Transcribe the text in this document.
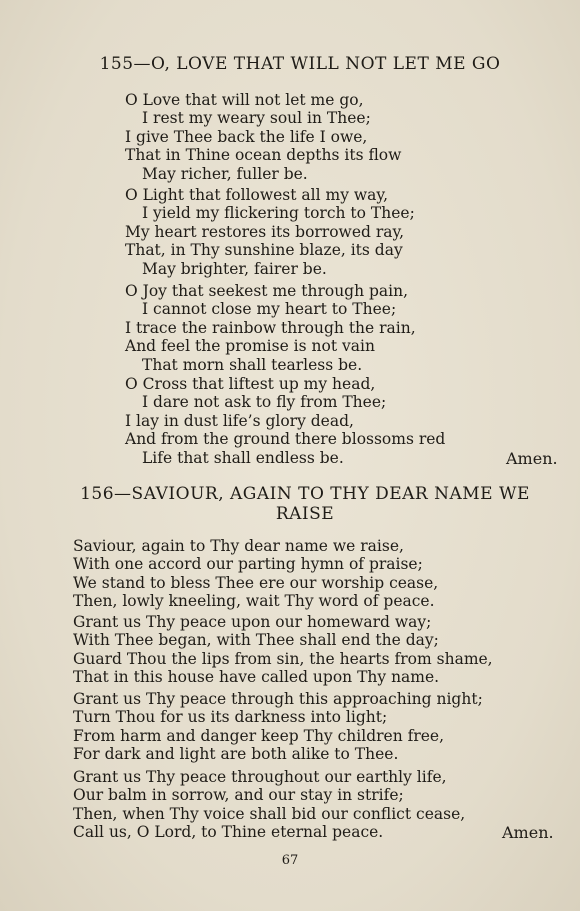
155—O, LOVE THAT WILL NOT LET ME GO
O Love that will not let me go,
I rest my weary soul in Thee;
I give Thee back the life I owe,
That in Thine ocean depths its flow
May richer, fuller be.
O Light that followest all my way,
I yield my flickering torch to Thee;
My heart restores its borrowed ray,
That, in Thy sunshine blaze, its day
May brighter, fairer be.
O Joy that seekest me through pain,
I cannot close my heart to Thee;
I trace the rainbow through the rain,
And feel the promise is not vain
That morn shall tearless be.
O Cross that liftest up my head,
I dare not ask to fly from Thee;
I lay in dust life’s glory dead,
And from the ground there blossoms red
Life that shall endless be.	Amen.
156—SAVIOUR, AGAIN TO THY DEAR NAME WE
RAISE
Saviour, again to Thy dear name we raise,
With one accord our parting hymn of praise;
We stand to bless Thee ere our worship cease,
Then, lowly kneeling, wait Thy word of peace.
Grant us Thy peace upon our homeward way;
With Thee began, with Thee shall end the day;
Guard Thou the lips from sin, the hearts from shame,
That in this house have called upon Thy name.
Grant us Thy peace through this approaching night;
Turn Thou for us its darkness into light;
From harm and danger keep Thy children free,
For dark and light are both alike to Thee.
Grant us Thy peace throughout our earthly life,
Our balm in sorrow, and our stay in strife;
Then, when Thy voice shall bid our conflict cease,
Call us, O Lord, to Thine eternal peace.	Amen.
67
